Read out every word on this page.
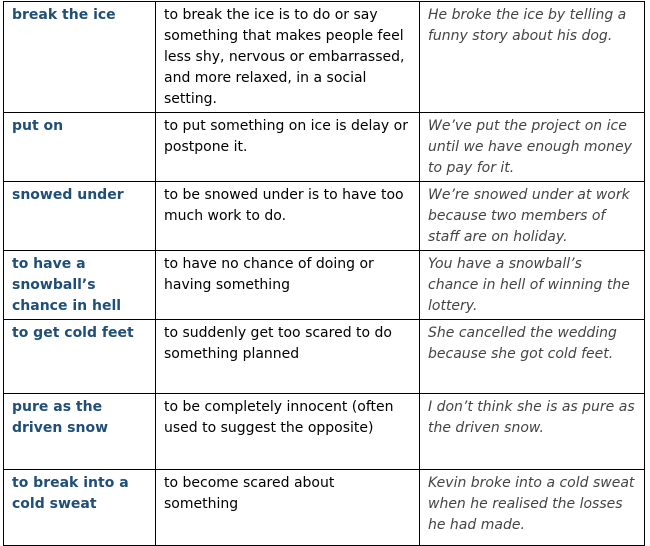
break the ice	to break the ice is to do or say something that makes people feel less shy, nervous or embarrassed, and more relaxed, in a social setting.	He broke the ice by telling a funny story about his dog.
put on	to put something on ice is delay or postpone it.	We’ve put the project on ice until we have enough money to pay for it.
snowed under	to be snowed under is to have too much work to do.	We’re snowed under at work because two members of staff are on holiday.
to have a snowball’s chance in hell	to have no chance of doing or having something	You have a snowball’s chance in hell of winning the lottery.
to get cold feet	to suddenly get too scared to do something planned	She cancelled the wedding because she got cold feet.
pure as the driven snow	to be completely innocent (often used to suggest the opposite)	I don’t think she is as pure as the driven snow.
to break into a cold sweat	to become scared about something	Kevin broke into a cold sweat when he realised the losses he had made.
